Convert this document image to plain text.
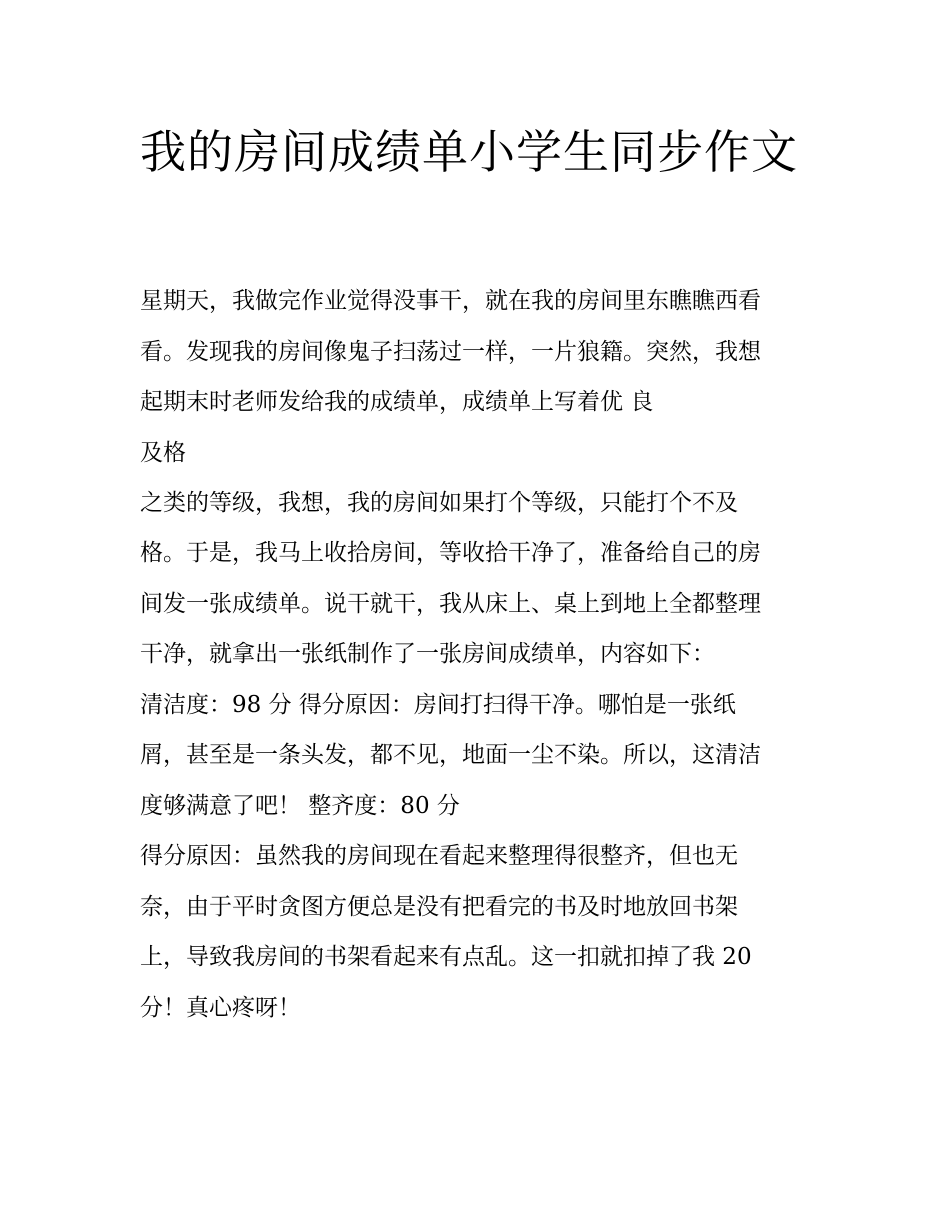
我的房间成绩单小学生同步作文

星期天，我做完作业觉得没事干，就在我的房间里东瞧瞧西看

看。发现我的房间像鬼子扫荡过一样，一片狼籍。突然，我想

起期末时老师发给我的成绩单，成绩单上写着优 良

及格

之类的等级，我想，我的房间如果打个等级，只能打个不及

格。于是，我马上收拾房间，等收拾干净了，准备给自己的房

间发一张成绩单。说干就干，我从床上、桌上到地上全都整理

干净，就拿出一张纸制作了一张房间成绩单，内容如下：

清洁度：98 分 得分原因：房间打扫得干净。哪怕是一张纸

屑，甚至是一条头发，都不见，地面一尘不染。所以，这清洁

度够满意了吧！ 整齐度：80 分

得分原因：虽然我的房间现在看起来整理得很整齐，但也无

奈，由于平时贪图方便总是没有把看完的书及时地放回书架

上，导致我房间的书架看起来有点乱。这一扣就扣掉了我 20

分！真心疼呀！
